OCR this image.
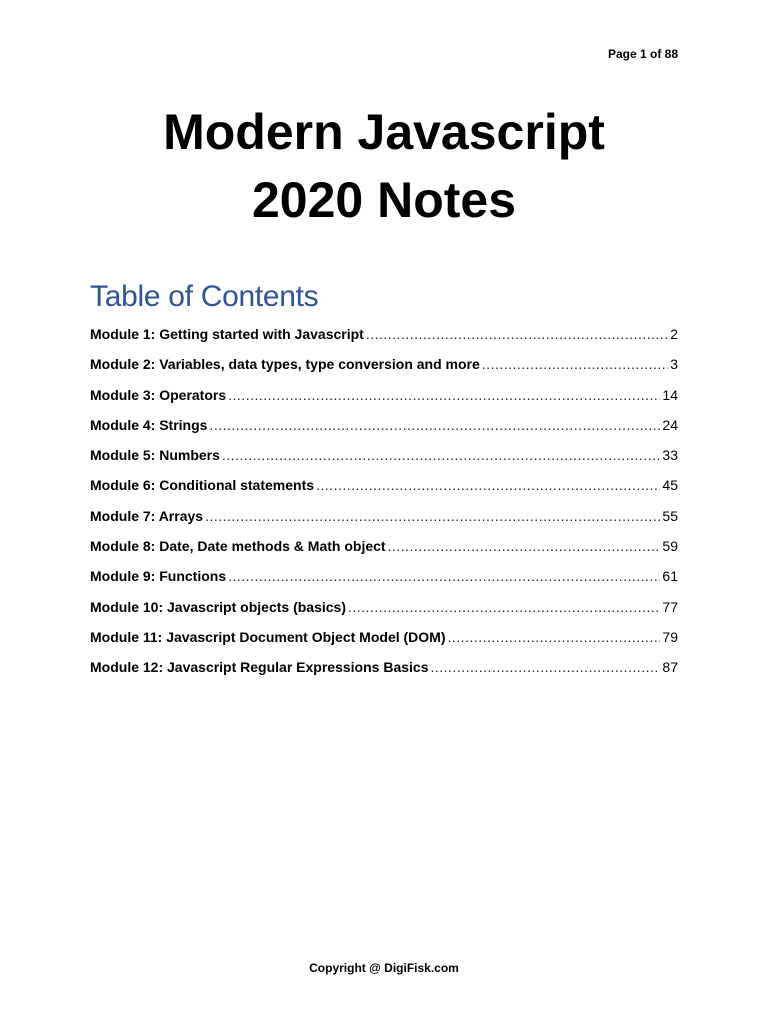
Page 1 of 88
Modern Javascript
2020 Notes
Table of Contents
Module 1: Getting started with Javascript .....	2
Module 2: Variables, data types, type conversion and more .....	3
Module 3: Operators .....	14
Module 4: Strings .....	24
Module 5: Numbers .....	33
Module 6: Conditional statements .....	45
Module 7: Arrays .....	55
Module 8: Date, Date methods & Math object .....	59
Module 9: Functions .....	61
Module 10: Javascript objects (basics) .....	77
Module 11: Javascript Document Object Model (DOM) .....	79
Module 12: Javascript Regular Expressions Basics .....	87
Copyright @ DigiFisk.com
